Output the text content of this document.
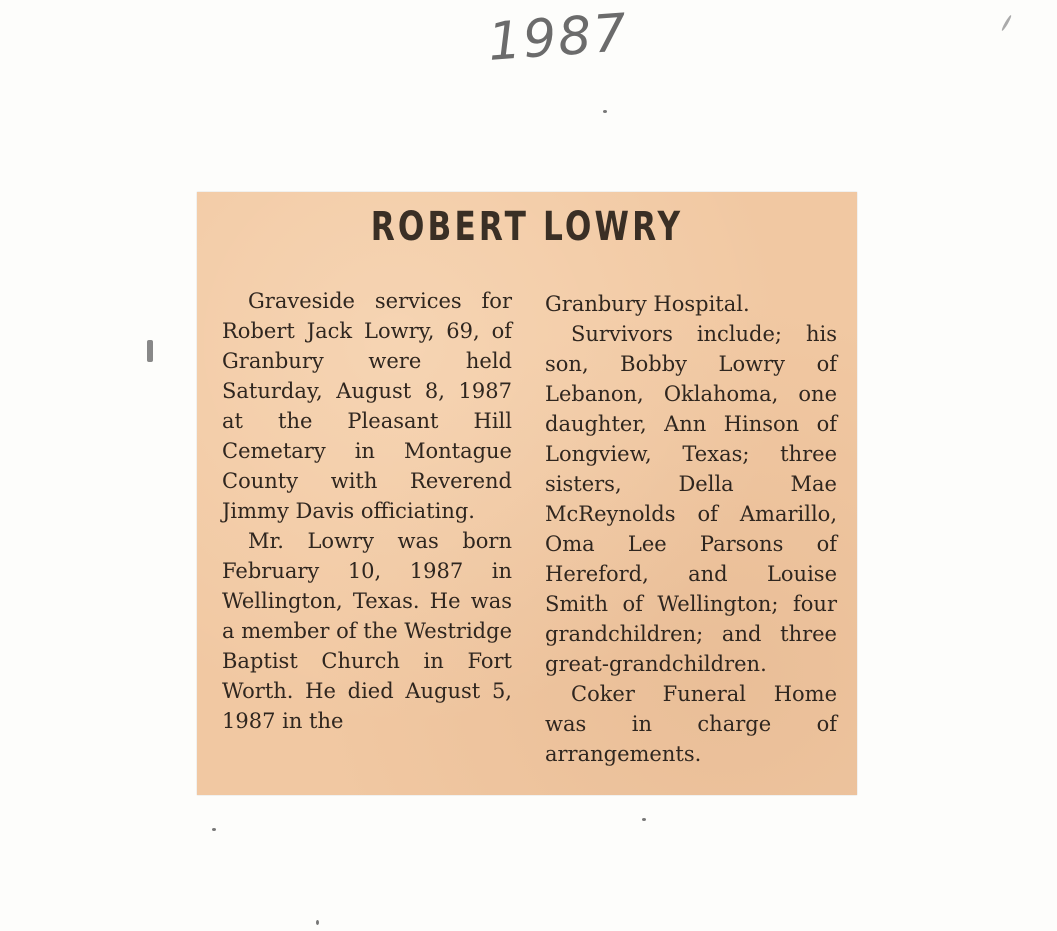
1987
ROBERT LOWRY

Graveside services for Robert Jack Lowry, 69, of Granbury were held Saturday, August 8, 1987 at the Pleasant Hill Cemetary in Montague County with Reverend Jimmy Davis officiating.

Mr. Lowry was born February 10, 1987 in Wellington, Texas. He was a member of the Westridge Baptist Church in Fort Worth. He died August 5, 1987 in the

Granbury Hospital.

Survivors include; his son, Bobby Lowry of Lebanon, Oklahoma, one daughter, Ann Hinson of Longview, Texas; three sisters, Della Mae McReynolds of Amarillo, Oma Lee Parsons of Hereford, and Louise Smith of Wellington; four grandchildren; and three great-grandchildren.

Coker Funeral Home was in charge of arrangements.
